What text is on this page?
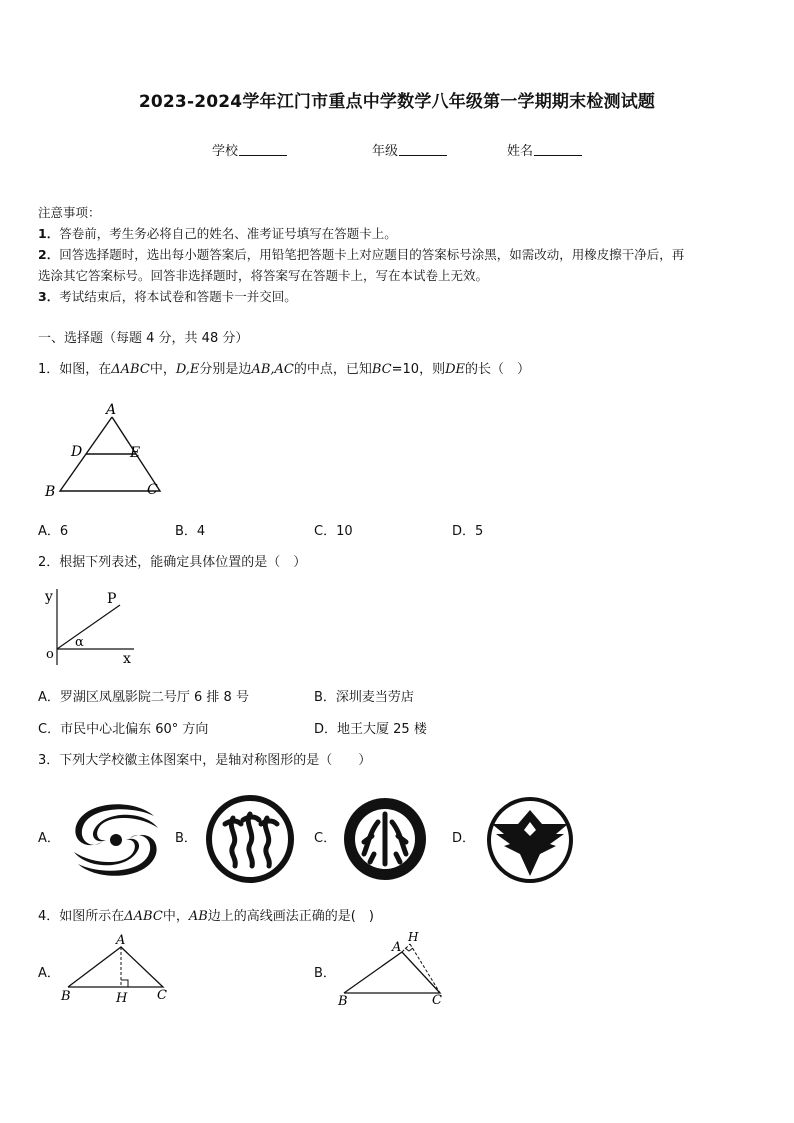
2023-2024学年江门市重点中学数学八年级第一学期期末检测试题
学校	年级	姓名

注意事项：

1．答卷前，考生务必将自己的姓名、准考证号填写在答题卡上。

2．回答选择题时，选出每小题答案后，用铅笔把答题卡上对应题目的答案标号涂黑，如需改动，用橡皮擦干净后，再

选涂其它答案标号。回答非选择题时，将答案写在答题卡上，写在本试卷上无效。

3．考试结束后，将本试卷和答题卡一并交回。

一、选择题（每题 4 分，共 48 分）
1．如图，在ΔABC中，D,E分别是边AB,AC的中点，已知BC=10，则DE的长（　）
A
D	E
B	C
A．6	B．4	C．10	D．5
2．根据下列表述，能确定具体位置的是（　）
y
x
o
P
α
A．罗湖区凤凰影院二号厅 6 排 8 号	B．深圳麦当劳店
C．市民中心北偏东 60° 方向	D．地王大厦 25 楼
3．下列大学校徽主体图案中，是轴对称图形的是（　　）
A．	B．	C．	D．
4．如图所示在ΔABC中，AB边上的高线画法正确的是(　)
A．
A
B	H C
B．
A
H
B	C
